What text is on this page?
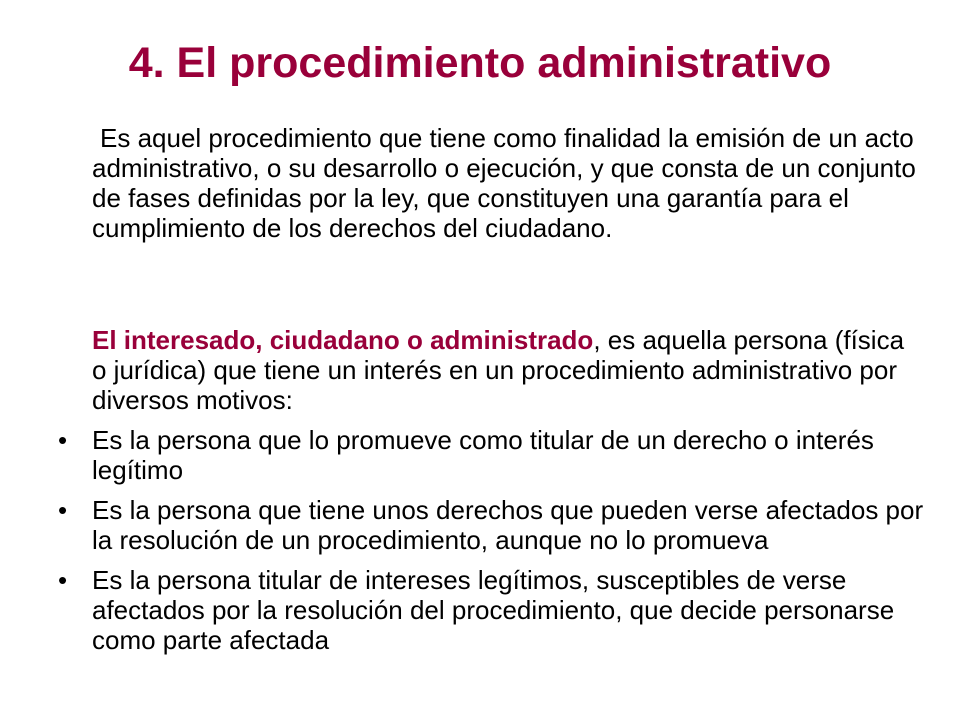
4. El procedimiento administrativo
Es aquel procedimiento que tiene como finalidad la emisión de un acto administrativo, o su desarrollo o ejecución, y que consta de un conjunto de fases definidas por la ley, que constituyen una garantía para el cumplimiento de los derechos del ciudadano.
El interesado, ciudadano o administrado, es aquella persona (física o jurídica) que tiene un interés en un procedimiento administrativo por diversos motivos:
• Es la persona que lo promueve como titular de un derecho o interés legítimo
• Es la persona que tiene unos derechos que pueden verse afectados por la resolución de un procedimiento, aunque no lo promueva
• Es la persona titular de intereses legítimos, susceptibles de verse afectados por la resolución del procedimiento, que decide personarse como parte afectada
